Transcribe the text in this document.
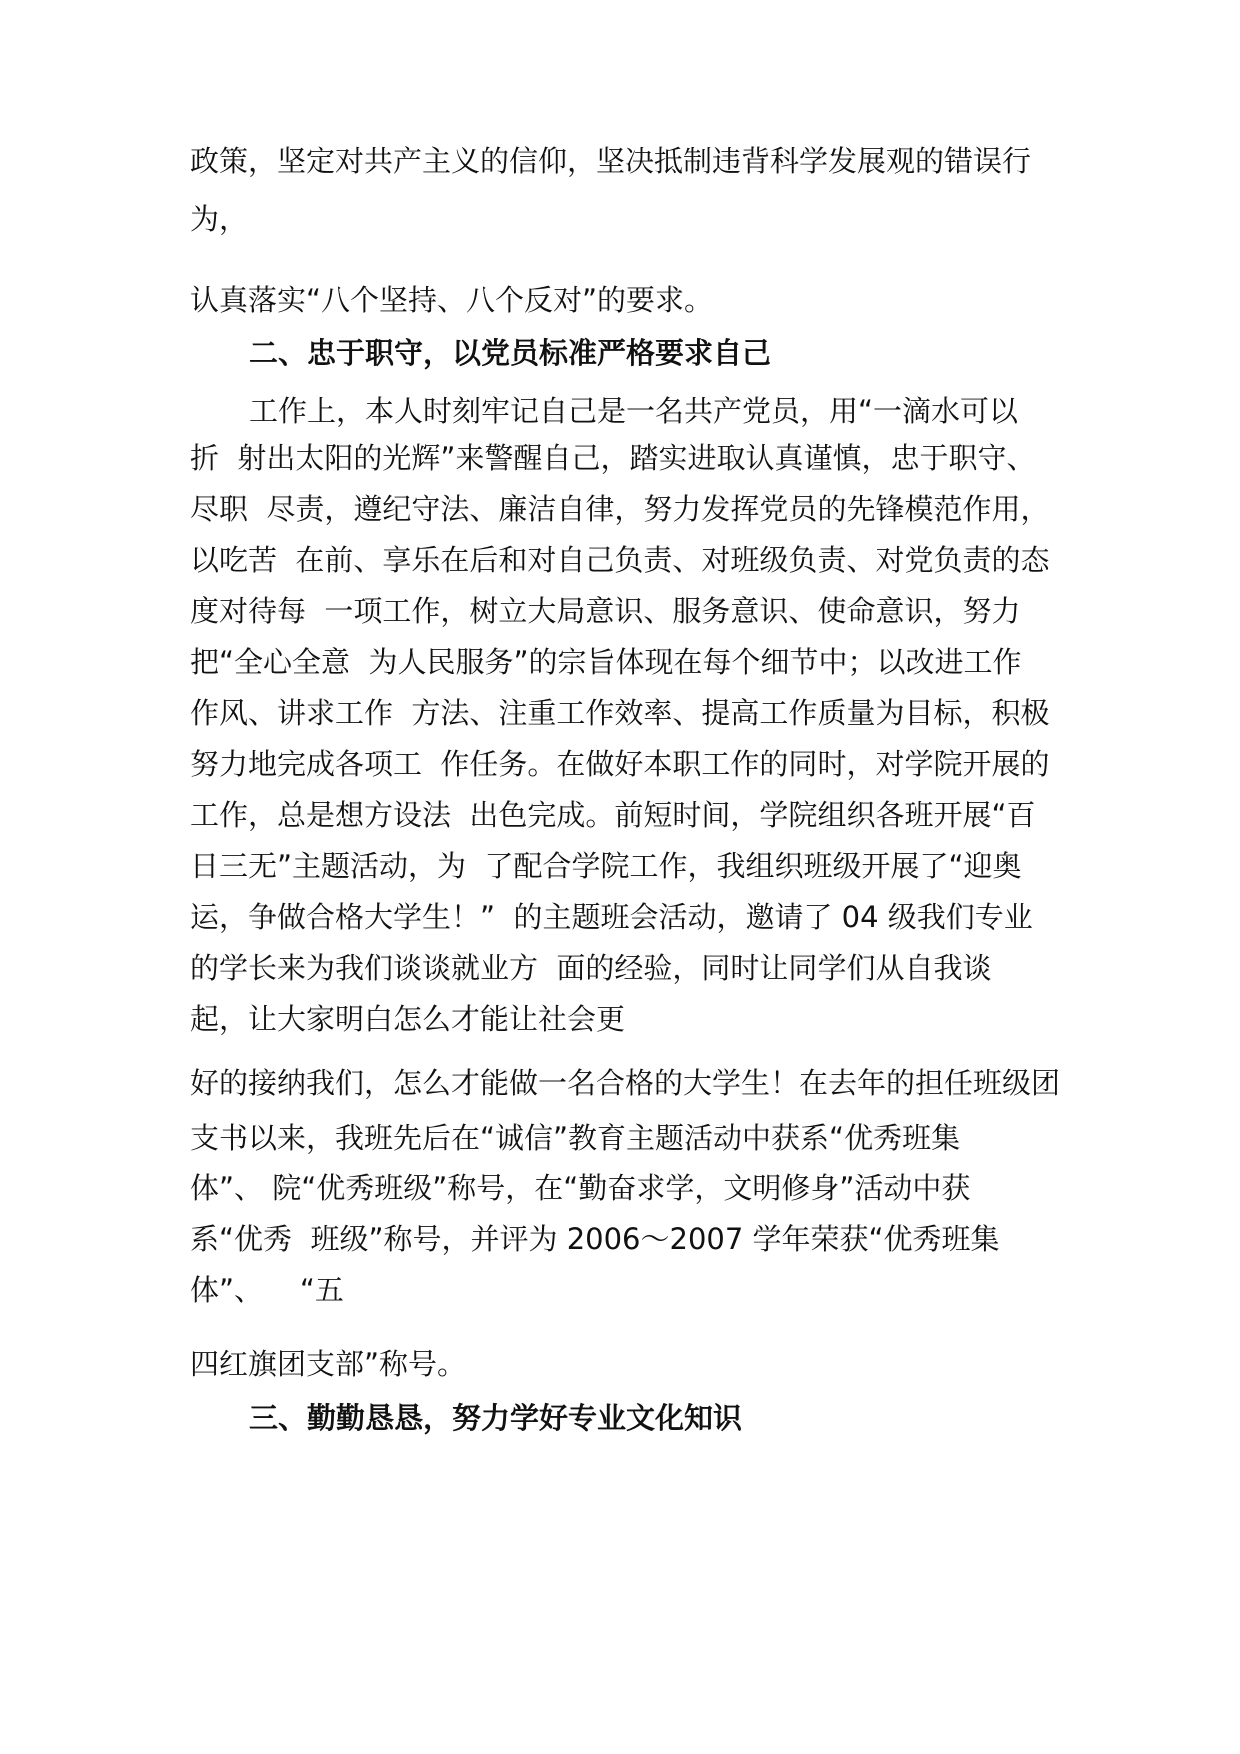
政策，坚定对共产主义的信仰，坚决抵制违背科学发展观的错误行
为，
认真落实“八个坚持、八个反对”的要求。
二、忠于职守，以党员标准严格要求自己
工作上，本人时刻牢记自己是一名共产党员，用“一滴水可以
折  射出太阳的光辉”来警醒自己，踏实进取认真谨慎，忠于职守、
尽职  尽责，遵纪守法、廉洁自律，努力发挥党员的先锋模范作用，
以吃苦  在前、享乐在后和对自己负责、对班级负责、对党负责的态
度对待每  一项工作，树立大局意识、服务意识、使命意识，努力
把“全心全意  为人民服务”的宗旨体现在每个细节中；以改进工作
作风、讲求工作  方法、注重工作效率、提高工作质量为目标，积极
努力地完成各项工  作任务。在做好本职工作的同时，对学院开展的
工作，总是想方设法  出色完成。前短时间，学院组织各班开展“百
日三无”主题活动，为  了配合学院工作，我组织班级开展了“迎奥
运，争做合格大学生！”  的主题班会活动，邀请了 04 级我们专业
的学长来为我们谈谈就业方  面的经验，同时让同学们从自我谈
起，让大家明白怎么才能让社会更
好的接纳我们，怎么才能做一名合格的大学生！在去年的担任班级团
支书以来，我班先后在“诚信”教育主题活动中获系“优秀班集
体”、 院“优秀班级”称号，在“勤奋求学，文明修身”活动中获
系“优秀  班级”称号，并评为 2006～2007 学年荣获“优秀班集
体”、    “五
四红旗团支部”称号。
三、勤勤恳恳，努力学好专业文化知识
